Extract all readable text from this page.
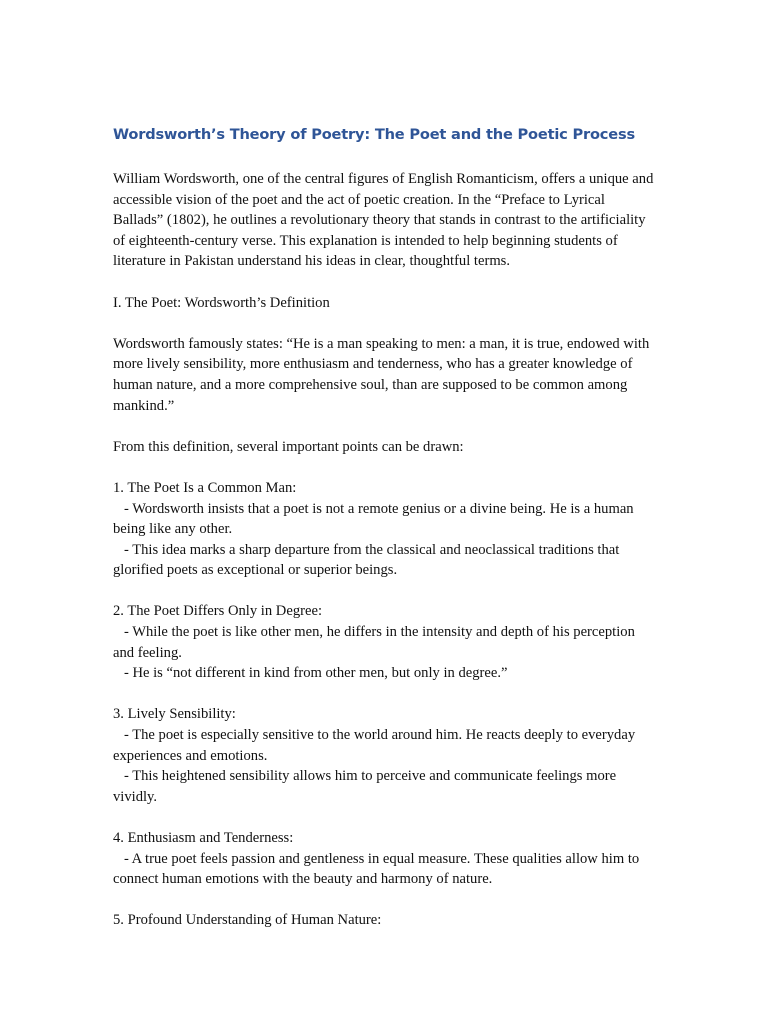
Wordsworth’s Theory of Poetry: The Poet and the Poetic Process

William Wordsworth, one of the central figures of English Romanticism, offers a unique and accessible vision of the poet and the act of poetic creation. In the “Preface to Lyrical Ballads” (1802), he outlines a revolutionary theory that stands in contrast to the artificiality of eighteenth-century verse. This explanation is intended to help beginning students of literature in Pakistan understand his ideas in clear, thoughtful terms.

I. The Poet: Wordsworth’s Definition

Wordsworth famously states: “He is a man speaking to men: a man, it is true, endowed with more lively sensibility, more enthusiasm and tenderness, who has a greater knowledge of human nature, and a more comprehensive soul, than are supposed to be common among mankind.”

From this definition, several important points can be drawn:

1. The Poet Is a Common Man:

- Wordsworth insists that a poet is not a remote genius or a divine being. He is a human being like any other.

- This idea marks a sharp departure from the classical and neoclassical traditions that glorified poets as exceptional or superior beings.

2. The Poet Differs Only in Degree:

- While the poet is like other men, he differs in the intensity and depth of his perception and feeling.

- He is “not different in kind from other men, but only in degree.”

3. Lively Sensibility:

- The poet is especially sensitive to the world around him. He reacts deeply to everyday experiences and emotions.

- This heightened sensibility allows him to perceive and communicate feelings more vividly.

4. Enthusiasm and Tenderness:

- A true poet feels passion and gentleness in equal measure. These qualities allow him to connect human emotions with the beauty and harmony of nature.

5. Profound Understanding of Human Nature:
